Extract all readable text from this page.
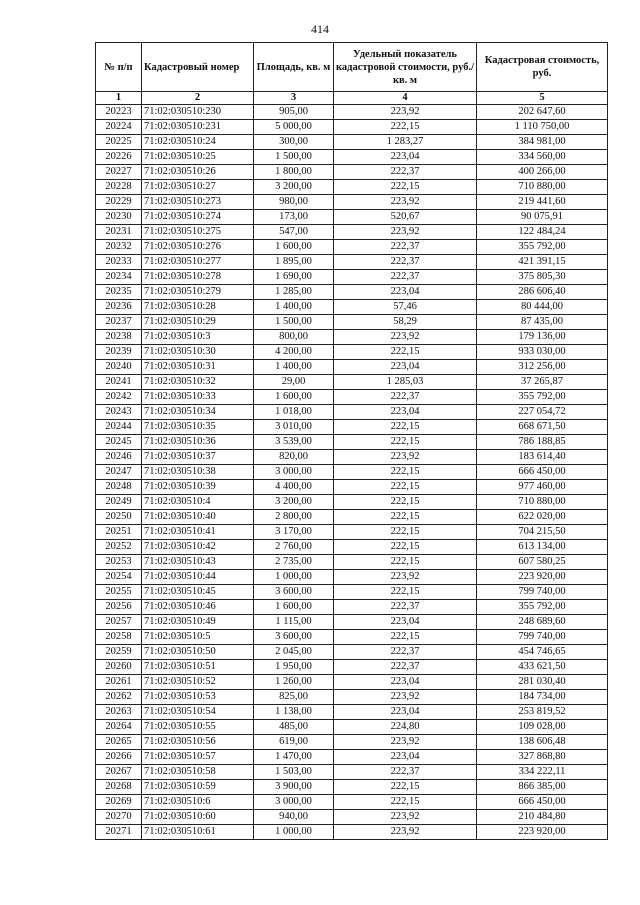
414
№ п/п	Кадастровый номер	Площадь, кв. м	Удельный показатель кадастровой стоимости, руб./кв. м	Кадастровая стоимость, руб.
1	2	3	4	5
20223	71:02:030510:230	905,00	223,92	202 647,60
20224	71:02:030510:231	5 000,00	222,15	1 110 750,00
20225	71:02:030510:24	300,00	1 283,27	384 981,00
20226	71:02:030510:25	1 500,00	223,04	334 560,00
20227	71:02:030510:26	1 800,00	222,37	400 266,00
20228	71:02:030510:27	3 200,00	222,15	710 880,00
20229	71:02:030510:273	980,00	223,92	219 441,60
20230	71:02:030510:274	173,00	520,67	90 075,91
20231	71:02:030510:275	547,00	223,92	122 484,24
20232	71:02:030510:276	1 600,00	222,37	355 792,00
20233	71:02:030510:277	1 895,00	222,37	421 391,15
20234	71:02:030510:278	1 690,00	222,37	375 805,30
20235	71:02:030510:279	1 285,00	223,04	286 606,40
20236	71:02:030510:28	1 400,00	57,46	80 444,00
20237	71:02:030510:29	1 500,00	58,29	87 435,00
20238	71:02:030510:3	800,00	223,92	179 136,00
20239	71:02:030510:30	4 200,00	222,15	933 030,00
20240	71:02:030510:31	1 400,00	223,04	312 256,00
20241	71:02:030510:32	29,00	1 285,03	37 265,87
20242	71:02:030510:33	1 600,00	222,37	355 792,00
20243	71:02:030510:34	1 018,00	223,04	227 054,72
20244	71:02:030510:35	3 010,00	222,15	668 671,50
20245	71:02:030510:36	3 539,00	222,15	786 188,85
20246	71:02:030510:37	820,00	223,92	183 614,40
20247	71:02:030510:38	3 000,00	222,15	666 450,00
20248	71:02:030510:39	4 400,00	222,15	977 460,00
20249	71:02:030510:4	3 200,00	222,15	710 880,00
20250	71:02:030510:40	2 800,00	222,15	622 020,00
20251	71:02:030510:41	3 170,00	222,15	704 215,50
20252	71:02:030510:42	2 760,00	222,15	613 134,00
20253	71:02:030510:43	2 735,00	222,15	607 580,25
20254	71:02:030510:44	1 000,00	223,92	223 920,00
20255	71:02:030510:45	3 600,00	222,15	799 740,00
20256	71:02:030510:46	1 600,00	222,37	355 792,00
20257	71:02:030510:49	1 115,00	223,04	248 689,60
20258	71:02:030510:5	3 600,00	222,15	799 740,00
20259	71:02:030510:50	2 045,00	222,37	454 746,65
20260	71:02:030510:51	1 950,00	222,37	433 621,50
20261	71:02:030510:52	1 260,00	223,04	281 030,40
20262	71:02:030510:53	825,00	223,92	184 734,00
20263	71:02:030510:54	1 138,00	223,04	253 819,52
20264	71:02:030510:55	485,00	224,80	109 028,00
20265	71:02:030510:56	619,00	223,92	138 606,48
20266	71:02:030510:57	1 470,00	223,04	327 868,80
20267	71:02:030510:58	1 503,00	222,37	334 222,11
20268	71:02:030510:59	3 900,00	222,15	866 385,00
20269	71:02:030510:6	3 000,00	222,15	666 450,00
20270	71:02:030510:60	940,00	223,92	210 484,80
20271	71:02:030510:61	1 000,00	223,92	223 920,00
